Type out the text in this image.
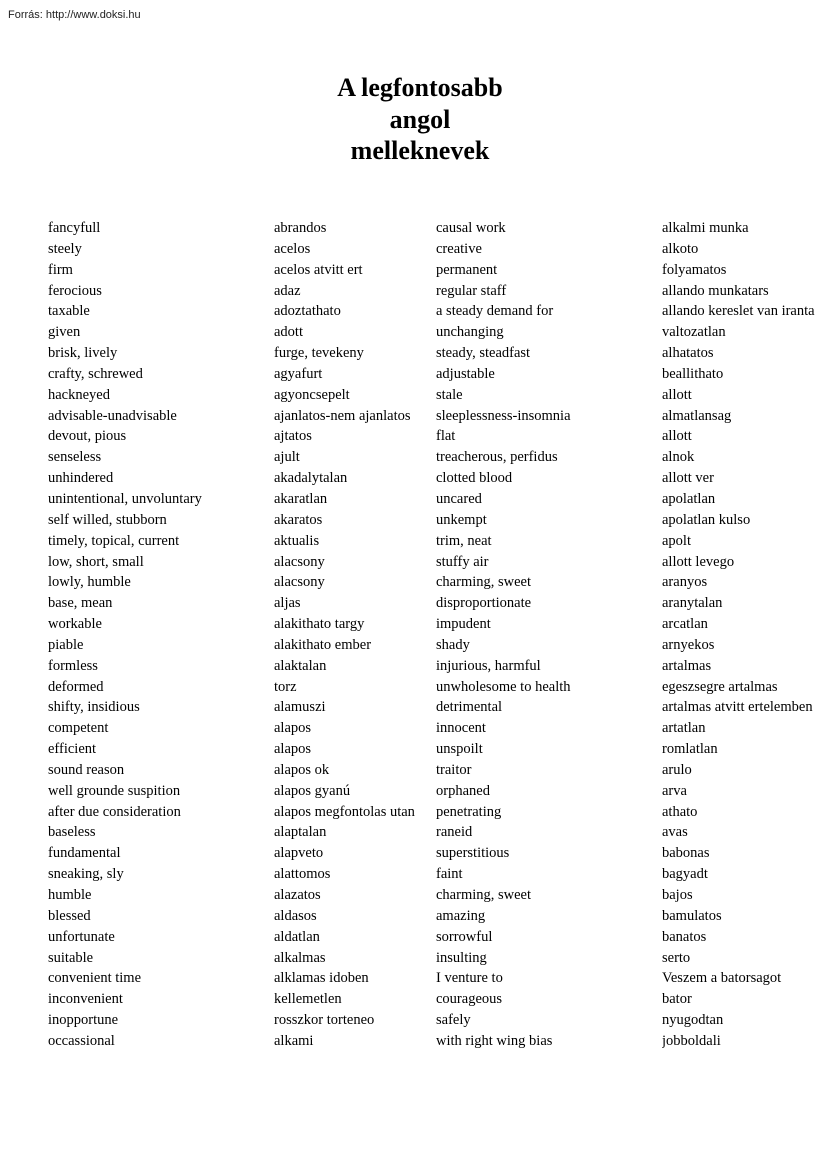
Forrás: http://www.doksi.hu
A legfontosabb
angol
melleknevek
fancyfull
steely
firm
ferocious
taxable
given
brisk, lively
crafty, schrewed
hackneyed
advisable-unadvisable
devout, pious
senseless
unhindered
unintentional, unvoluntary
self willed, stubborn
timely, topical, current
low, short, small
lowly, humble
base, mean
workable
piable
formless
deformed
shifty, insidious
competent
efficient
sound reason
well grounde suspition
after due consideration
baseless
fundamental
sneaking, sly
humble
blessed
unfortunate
suitable
convenient time
inconvenient
inopportune
occassional
abrandos
acelos
acelos atvitt ert
adaz
adoztathato
adott
furge, tevekeny
agyafurt
agyoncsepelt
ajanlatos-nem ajanlatos
ajtatos
ajult
akadalytalan
akaratlan
akaratos
aktualis
alacsony
alacsony
aljas
alakithato targy
alakithato ember
alaktalan
torz
alamuszi
alapos
alapos
alapos ok
alapos gyanú
alapos megfontolas utan
alaptalan
alapveto
alattomos
alazatos
aldasos
aldatlan
alkalmas
alklamas idoben
kellemetlen
rosszkor torteneo
alkami
causal work
creative
permanent
regular staff
a steady demand for
unchanging
steady, steadfast
adjustable
stale
sleeplessness-insomnia
flat
treacherous, perfidus
clotted blood
uncared
unkempt
trim, neat
stuffy air
charming, sweet
disproportionate
impudent
shady
injurious, harmful
unwholesome to health
detrimental
innocent
unspoilt
traitor
orphaned
penetrating
raneid
superstitious
faint
charming, sweet
amazing
sorrowful
insulting
I venture to
courageous
safely
with right wing bias
alkalmi munka
alkoto
folyamatos
allando munkatars
allando kereslet van iranta
valtozatlan
alhatatos
beallithato
allott
almatlansag
allott
alnok
allott ver
apolatlan
apolatlan kulso
apolt
allott levego
aranyos
aranytalan
arcatlan
arnyekos
artalmas
egeszsegre artalmas
artalmas atvitt ertelemben
artatlan
romlatlan
arulo
arva
athato
avas
babonas
bagyadt
bajos
bamulatos
banatos
serto
Veszem a batorsagot
bator
nyugodtan
jobboldali
